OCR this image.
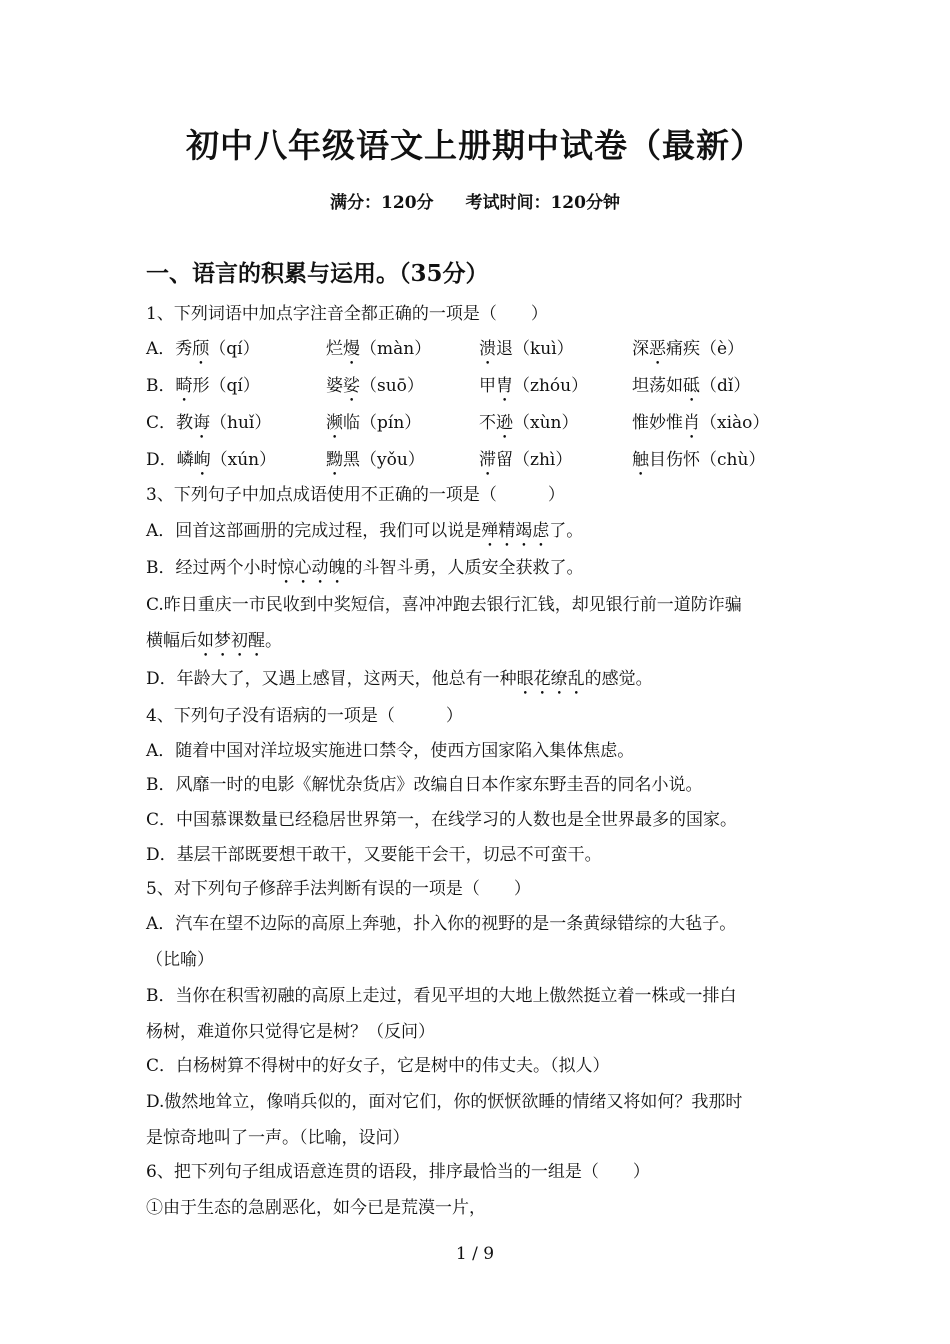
初中八年级语文上册期中试卷（最新）
满分：120分 考试时间：120分钟
一、语言的积累与运用。（35分）
1、下列词语中加点字注音全都正确的一项是（　　）
A．秀颀（qí）	烂熳（màn）	溃退（kuì）	深恶痛疾（è）
B．畸形（qí）	婆娑（suō）	甲胄（zhóu）	坦荡如砥（dǐ）
C．教诲（huǐ）	濒临（pín）	不逊（xùn）	惟妙惟肖（xiào）
D．嶙峋（xún）	黝黑（yǒu）	滞留（zhì）	触目伤怀（chù）
3、下列句子中加点成语使用不正确的一项是（　　　）
A．回首这部画册的完成过程，我们可以说是殚精竭虑了。
B．经过两个小时惊心动魄的斗智斗勇，人质安全获救了。
C.昨日重庆一市民收到中奖短信，喜冲冲跑去银行汇钱，却见银行前一道防诈骗
横幅后如梦初醒。
D．年龄大了，又遇上感冒，这两天，他总有一种眼花缭乱的感觉。
4、下列句子没有语病的一项是（　　　）
A．随着中国对洋垃圾实施进口禁令，使西方国家陷入集体焦虑。
B．风靡一时的电影《解忧杂货店》改编自日本作家东野圭吾的同名小说。
C．中国慕课数量已经稳居世界第一，在线学习的人数也是全世界最多的国家。
D．基层干部既要想干敢干，又要能干会干，切忌不可蛮干。
5、对下列句子修辞手法判断有误的一项是（　　）
A．汽车在望不边际的高原上奔驰，扑入你的视野的是一条黄绿错综的大毡子。
（比喻）
B．当你在积雪初融的高原上走过，看见平坦的大地上傲然挺立着一株或一排白
杨树，难道你只觉得它是树？（反问）
C．白杨树算不得树中的好女子，它是树中的伟丈夫。（拟人）
D.傲然地耸立，像哨兵似的，面对它们，你的恹恹欲睡的情绪又将如何？我那时
是惊奇地叫了一声。（比喻，设问）
6、把下列句子组成语意连贯的语段，排序最恰当的一组是（　　）
①由于生态的急剧恶化，如今已是荒漠一片，
1 / 9
